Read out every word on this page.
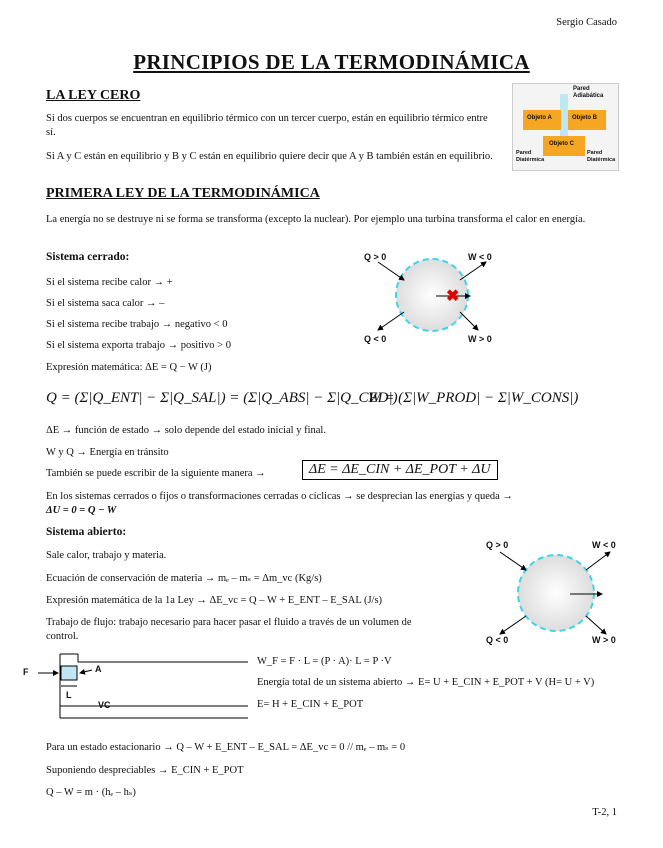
Sergio Casado
PRINCIPIOS DE LA TERMODINÁMICA
LA LEY CERO
Si dos cuerpos se encuentran en equilibrio térmico con un tercer cuerpo, están en equilibrio térmico entre sí.
Si A y C están en equilibrio y B y C están en equilibrio quiere decir que A y B también están en equilibrio.
Pared Adiabática
Objeto A	Objeto B
Objeto C
Pared Diatérmica
Pared Diatérmica
PRIMERA LEY DE LA TERMODINÁMICA
La energía no se destruye ni se forma se transforma (excepto la nuclear). Por ejemplo una turbina transforma el calor en energía.
Sistema cerrado:
Si el sistema recibe calor → +
Si el sistema saca calor → –
Si el sistema recibe trabajo → negativo < 0
Si el sistema exporta trabajo → positivo > 0
Expresión matemática: ΔE = Q − W (J)
✖
Q > 0	W < 0
Q < 0	W > 0
Q = (Σ|Q_ENT| − Σ|Q_SAL|) = (Σ|Q_ABS| − Σ|Q_CED|)
W = (Σ|W_PROD| − Σ|W_CONS|)
ΔE → función de estado → solo depende del estado inicial y final.
W y Q → Energía en tránsito
También se puede escribir de la siguiente manera →	ΔE = ΔE_CIN + ΔE_POT + ΔU
En los sistemas cerrados o fijos o transformaciones cerradas o cíclicas → se desprecian las energías y queda →
ΔU = 0 = Q − W
Sistema abierto:
Sale calor, trabajo y materia.
Ecuación de conservación de materia → mₑ – mₛ = Δm_vc (Kg/s)
Expresión matemática de la 1a Ley → ΔE_vc = Q – W + E_ENT – E_SAL (J/s)
Trabajo de flujo: trabajo necesario para hacer pasar el fluido a través de un volumen de control.
Q > 0	W < 0
Q < 0	W > 0
F	A
L
VC
W_F = F · L = (P · A)· L = P ·V
Energía total de un sistema abierto → E= U + E_CIN + E_POT + V (H= U + V)
E= H + E_CIN + E_POT
Para un estado estacionario → Q – W + E_ENT – E_SAL = ΔE_vc = 0 // mₑ – mₛ = 0
Suponiendo despreciables → E_CIN + E_POT
Q – W = m · (hₑ – hₛ)
T-2, 1
